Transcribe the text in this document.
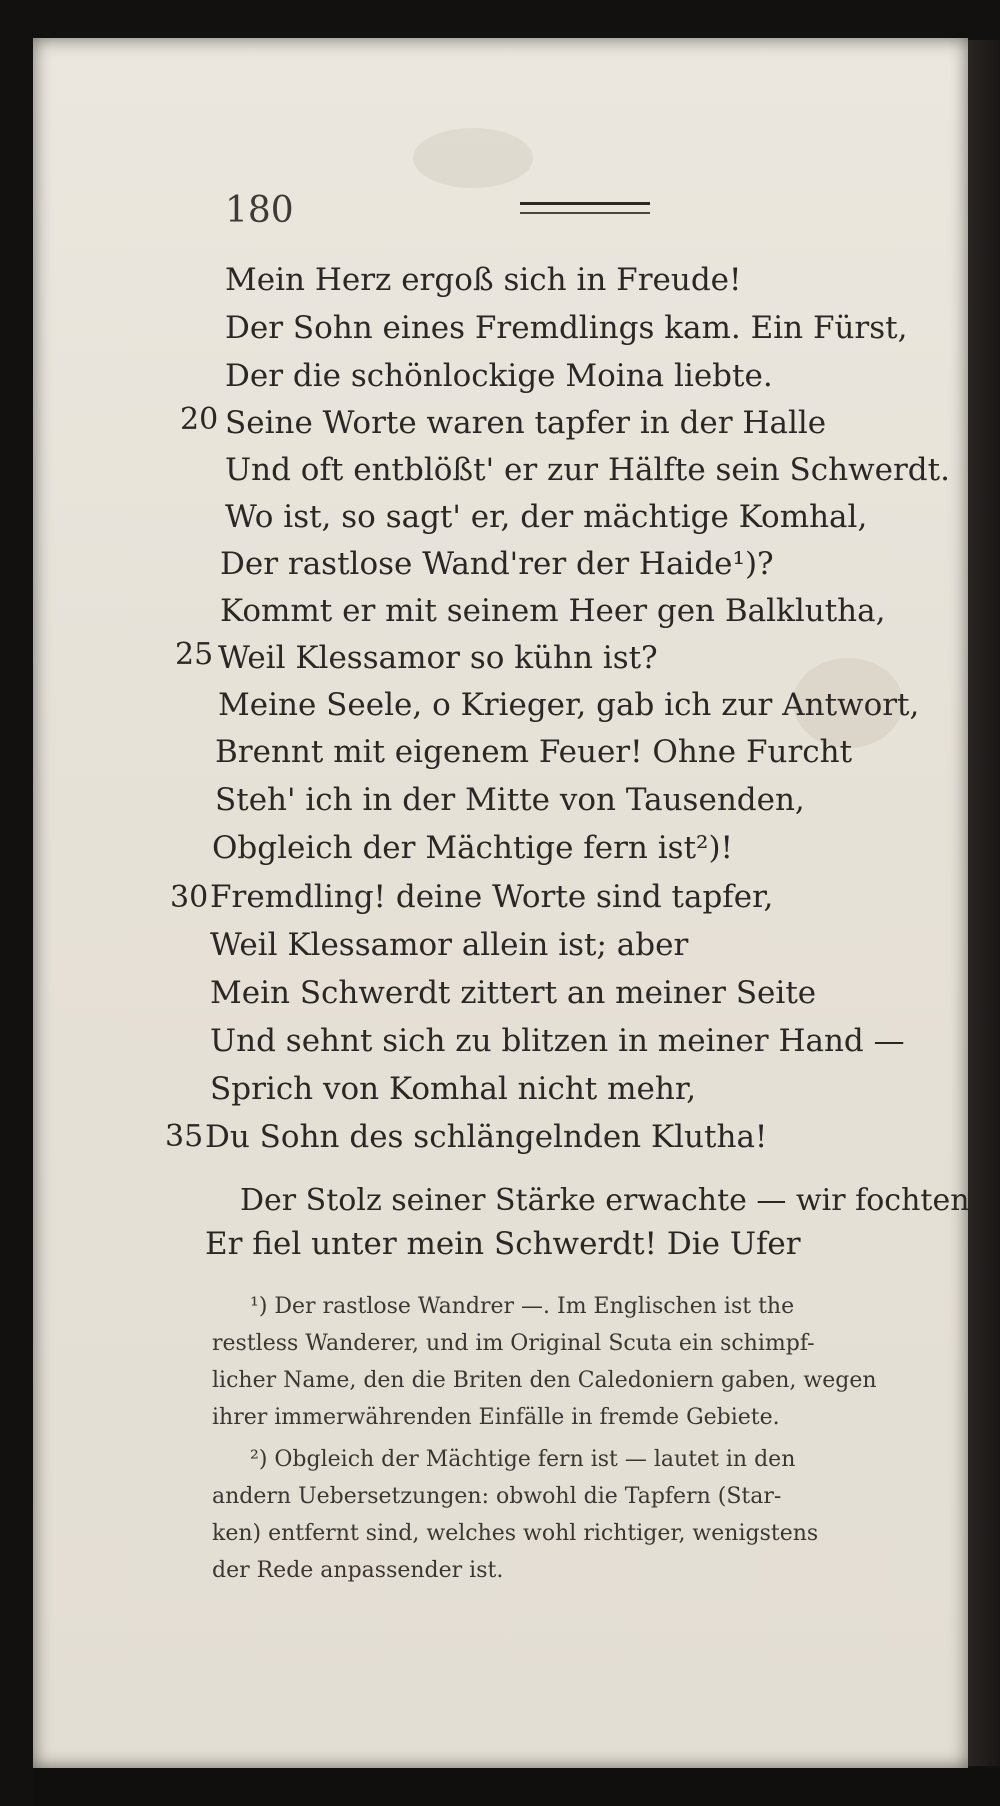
180
20
25
30
35
Mein Herz ergoß sich in Freude!
Der Sohn eines Fremdlings kam. Ein Fürst,
Der die schönlockige Moina liebte.
Seine Worte waren tapfer in der Halle
Und oft entblößt' er zur Hälfte sein Schwerdt.
Wo ist, so sagt' er, der mächtige Komhal,
Der rastlose Wand'rer der Haide¹)?
Kommt er mit seinem Heer gen Balklutha,
Weil Klessamor so kühn ist?
Meine Seele, o Krieger, gab ich zur Antwort,
Brennt mit eigenem Feuer! Ohne Furcht
Steh' ich in der Mitte von Tausenden,
Obgleich der Mächtige fern ist²)!
Fremdling! deine Worte sind tapfer,
Weil Klessamor allein ist; aber
Mein Schwerdt zittert an meiner Seite
Und sehnt sich zu blitzen in meiner Hand —
Sprich von Komhal nicht mehr,
Du Sohn des schlängelnden Klutha!
Der Stolz seiner Stärke erwachte — wir fochten
Er fiel unter mein Schwerdt! Die Ufer
¹) Der rastlose Wandrer —. Im Englischen ist the
restless Wanderer, und im Original Scuta ein schimpf-
licher Name, den die Briten den Caledoniern gaben, wegen
ihrer immerwährenden Einfälle in fremde Gebiete.
²) Obgleich der Mächtige fern ist — lautet in den
andern Uebersetzungen: obwohl die Tapfern (Star-
ken) entfernt sind, welches wohl richtiger, wenigstens
der Rede anpassender ist.
